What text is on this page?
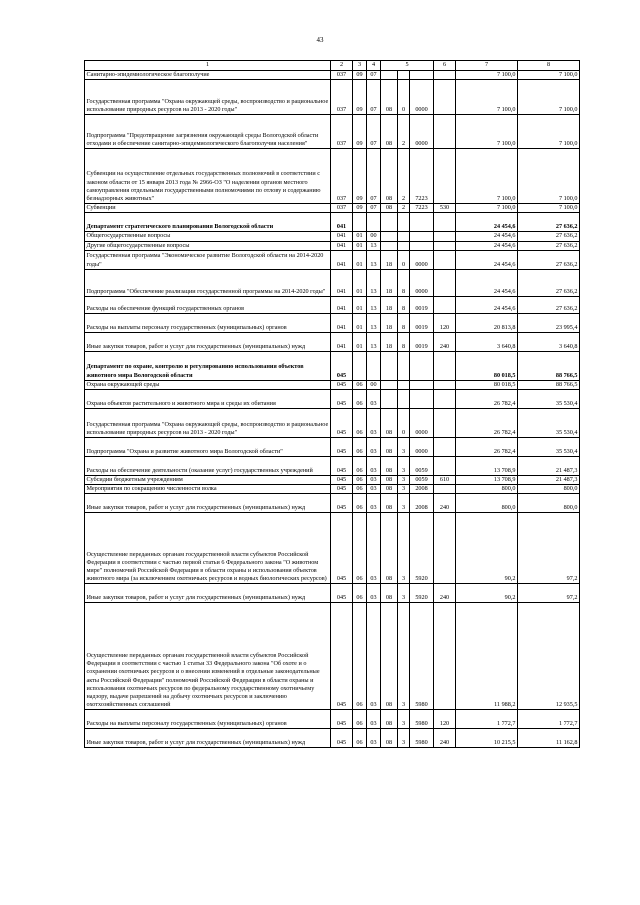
43
1	2	3	4	5			6	7	8
Санитарно-эпидемиологическое благополучие	037	09	07					7 100,0	7 100,0
Государственная программа "Охрана окружающей среды, воспроизводство и рациональное использование природных ресурсов на 2013 - 2020 годы"	037	09	07	08	0	0000		7 100,0	7 100,0
Подпрограмма "Предотвращение загрязнения окружающей среды Вологодской области отходами и обеспечение санитарно-эпидемиологического благополучия населения"	037	09	07	08	2	0000		7 100,0	7 100,0
Субвенции на осуществление отдельных государственных полномочий в соответствии с законом области от 15 января 2013 года № 2966-ОЗ "О наделении органов местного самоуправления отдельными государственными полномочиями по отлову и содержанию безнадзорных животных"	037	09	07	08	2	7223		7 100,0	7 100,0
Субвенции	037	09	07	08	2	7223	530	7 100,0	7 100,0
Департамент стратегического планирования Вологодской области	041							24 454,6	27 636,2
Общегосударственные вопросы	041	01	00					24 454,6	27 636,2
Другие общегосударственные вопросы	041	01	13					24 454,6	27 636,2
Государственная программа "Экономическое развитие Вологодской области на 2014-2020 годы"	041	01	13	18	0	0000		24 454,6	27 636,2
Подпрограмма "Обеспечение реализации государственной программы на 2014-2020 годы"	041	01	13	18	8	0000		24 454,6	27 636,2
Расходы на обеспечение функций государственных органов	041	01	13	18	8	0019		24 454,6	27 636,2
Расходы на выплаты персоналу государственных (муниципальных) органов	041	01	13	18	8	0019	120	20 813,8	23 995,4
Иные закупки товаров, работ и услуг для государственных (муниципальных) нужд	041	01	13	18	8	0019	240	3 640,8	3 640,8
Департамент по охране, контролю и регулированию использования объектов животного мира Вологодской области	045							80 018,5	88 766,5
Охрана окружающей среды	045	06	00					80 018,5	88 766,5
Охрана объектов растительного и животного мира и среды их обитания	045	06	03					26 782,4	35 530,4
Государственная программа "Охрана окружающей среды, воспроизводство и рациональное использование природных ресурсов на 2013 - 2020 годы"	045	06	03	08	0	0000		26 782,4	35 530,4
Подпрограмма "Охрана и развитие животного мира Вологодской области"	045	06	03	08	3	0000		26 782,4	35 530,4
Расходы на обеспечение деятельности (оказание услуг) государственных учреждений	045	06	03	08	3	0059		13 708,9	21 487,3
Субсидии бюджетным учреждениям	045	06	03	08	3	0059	610	13 708,9	21 487,3
Мероприятия по сокращению численности волка	045	06	03	08	3	2008		800,0	800,0
Иные закупки товаров, работ и услуг для государственных (муниципальных) нужд	045	06	03	08	3	2008	240	800,0	800,0
Осуществление переданных органам государственной власти субъектов Российской Федерации в соответствии с частью первой статьи 6 Федерального закона "О животном мире" полномочий Российской Федерации в области охраны и использования объектов животного мира (за исключением охотничьих ресурсов и водных биологических ресурсов)	045	06	03	08	3	5920		90,2	97,2
Иные закупки товаров, работ и услуг для государственных (муниципальных) нужд	045	06	03	08	3	5920	240	90,2	97,2
Осуществление переданных органам государственной власти субъектов Российской Федерации в соответствии с частью 1 статьи 33 Федерального закона "Об охоте и о сохранении охотничьих ресурсов и о внесении изменений в отдельные законодательные акты Российской Федерации" полномочий Российской Федерации в области охраны и использования охотничьих ресурсов по федеральному государственному охотничьему надзору, выдаче разрешений на добычу охотничьих ресурсов и заключению охотхозяйственных соглашений	045	06	03	08	3	5980		11 988,2	12 935,5
Расходы на выплаты персоналу государственных (муниципальных) органов	045	06	03	08	3	5980	120	1 772,7	1 772,7
Иные закупки товаров, работ и услуг для государственных (муниципальных) нужд	045	06	03	08	3	5980	240	10 215,5	11 162,8
